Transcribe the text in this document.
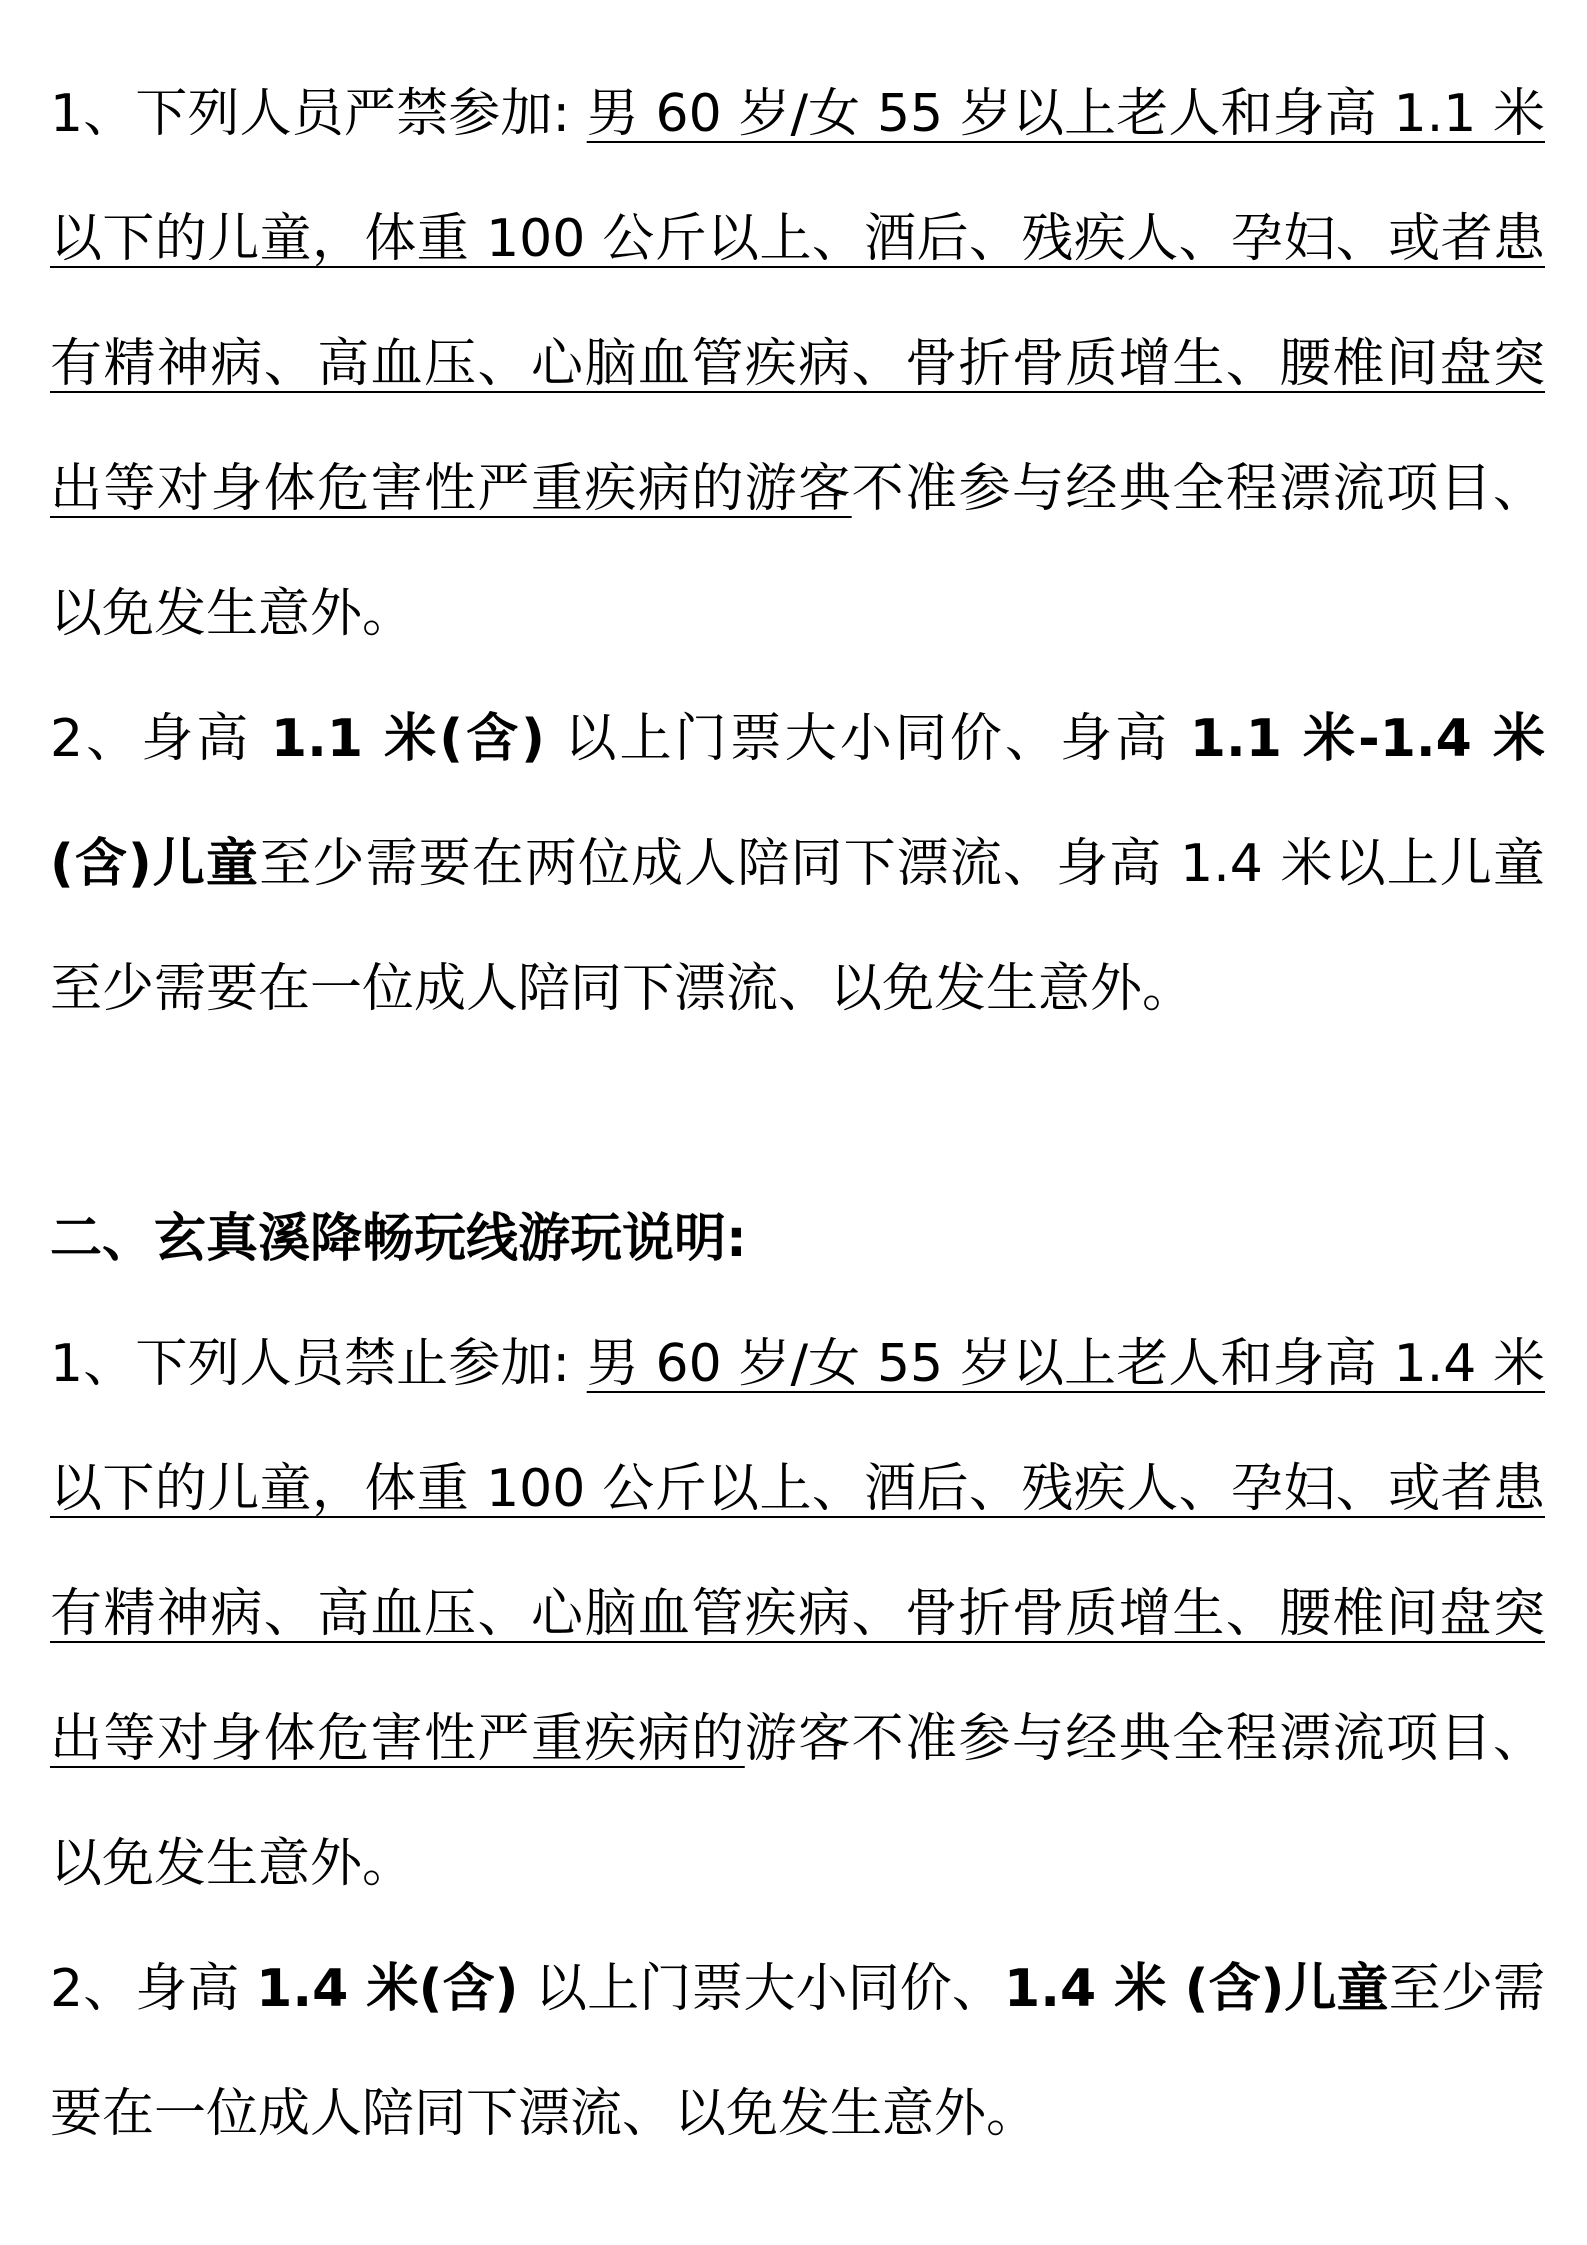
1、下列人员严禁参加: 男 60 岁/女 55 岁以上老人和身高 1.1 米以下的儿童，体重 100 公斤以上、酒后、残疾人、孕妇、或者患有精神病、高血压、心脑血管疾病、骨折骨质增生、腰椎间盘突出等对身体危害性严重疾病的游客不准参与经典全程漂流项目、以免发生意外。

2、身高 1.1 米(含) 以上门票大小同价、身高 1.1 米-1.4 米(含)儿童至少需要在两位成人陪同下漂流、身高 1.4 米以上儿童至少需要在一位成人陪同下漂流、以免发生意外。

二、玄真溪降畅玩线游玩说明:

1、下列人员禁止参加: 男 60 岁/女 55 岁以上老人和身高 1.4 米以下的儿童，体重 100 公斤以上、酒后、残疾人、孕妇、或者患有精神病、高血压、心脑血管疾病、骨折骨质增生、腰椎间盘突出等对身体危害性严重疾病的游客不准参与经典全程漂流项目、以免发生意外。

2、身高 1.4 米(含) 以上门票大小同价、1.4 米 (含)儿童至少需要在一位成人陪同下漂流、以免发生意外。
